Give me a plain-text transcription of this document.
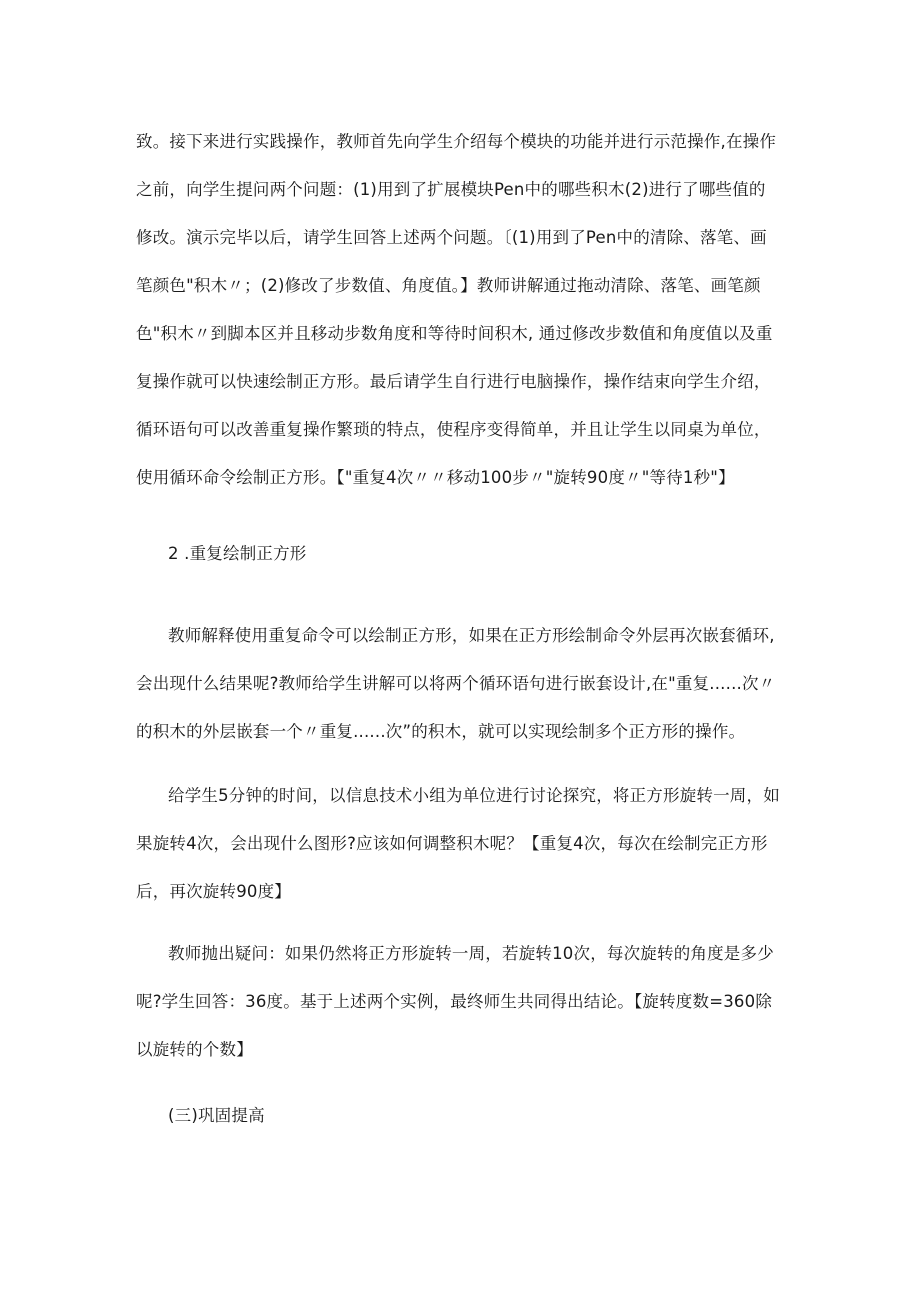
致。接下来进行实践操作，教师首先向学生介绍每个模块的功能并进行示范操作,在操作
之前，向学生提问两个问题：(1)用到了扩展模块Pen中的哪些积木(2)进行了哪些值的
修改。演示完毕以后，请学生回答上述两个问题。〔(1)用到了Pen中的清除、落笔、画
笔颜色"积木〃；(2)修改了步数值、角度值。】教师讲解通过拖动清除、落笔、画笔颜
色"积木〃到脚本区并且移动步数角度和等待时间积木, 通过修改步数值和角度值以及重
复操作就可以快速绘制正方形。最后请学生自行进行电脑操作，操作结束向学生介绍，
循环语句可以改善重复操作繁琐的特点，使程序变得简单，并且让学生以同桌为单位，
使用循环命令绘制正方形。【"重复4次〃〃移动100步〃"旋转90度〃"等待1秒"】
2 .重复绘制正方形
教师解释使用重复命令可以绘制正方形，如果在正方形绘制命令外层再次嵌套循环,
会出现什么结果呢?教师给学生讲解可以将两个循环语句进行嵌套设计,在"重复......次〃
的积木的外层嵌套一个〃重复......次”的积木，就可以实现绘制多个正方形的操作。
给学生5分钟的时间，以信息技术小组为单位进行讨论探究，将正方形旋转一周，如
果旋转4次，会出现什么图形?应该如何调整积木呢？【重复4次，每次在绘制完正方形
后，再次旋转90度】
教师抛出疑问：如果仍然将正方形旋转一周，若旋转10次，每次旋转的角度是多少
呢?学生回答：36度。基于上述两个实例，最终师生共同得出结论。【旋转度数=360除
以旋转的个数】
(三)巩固提高
